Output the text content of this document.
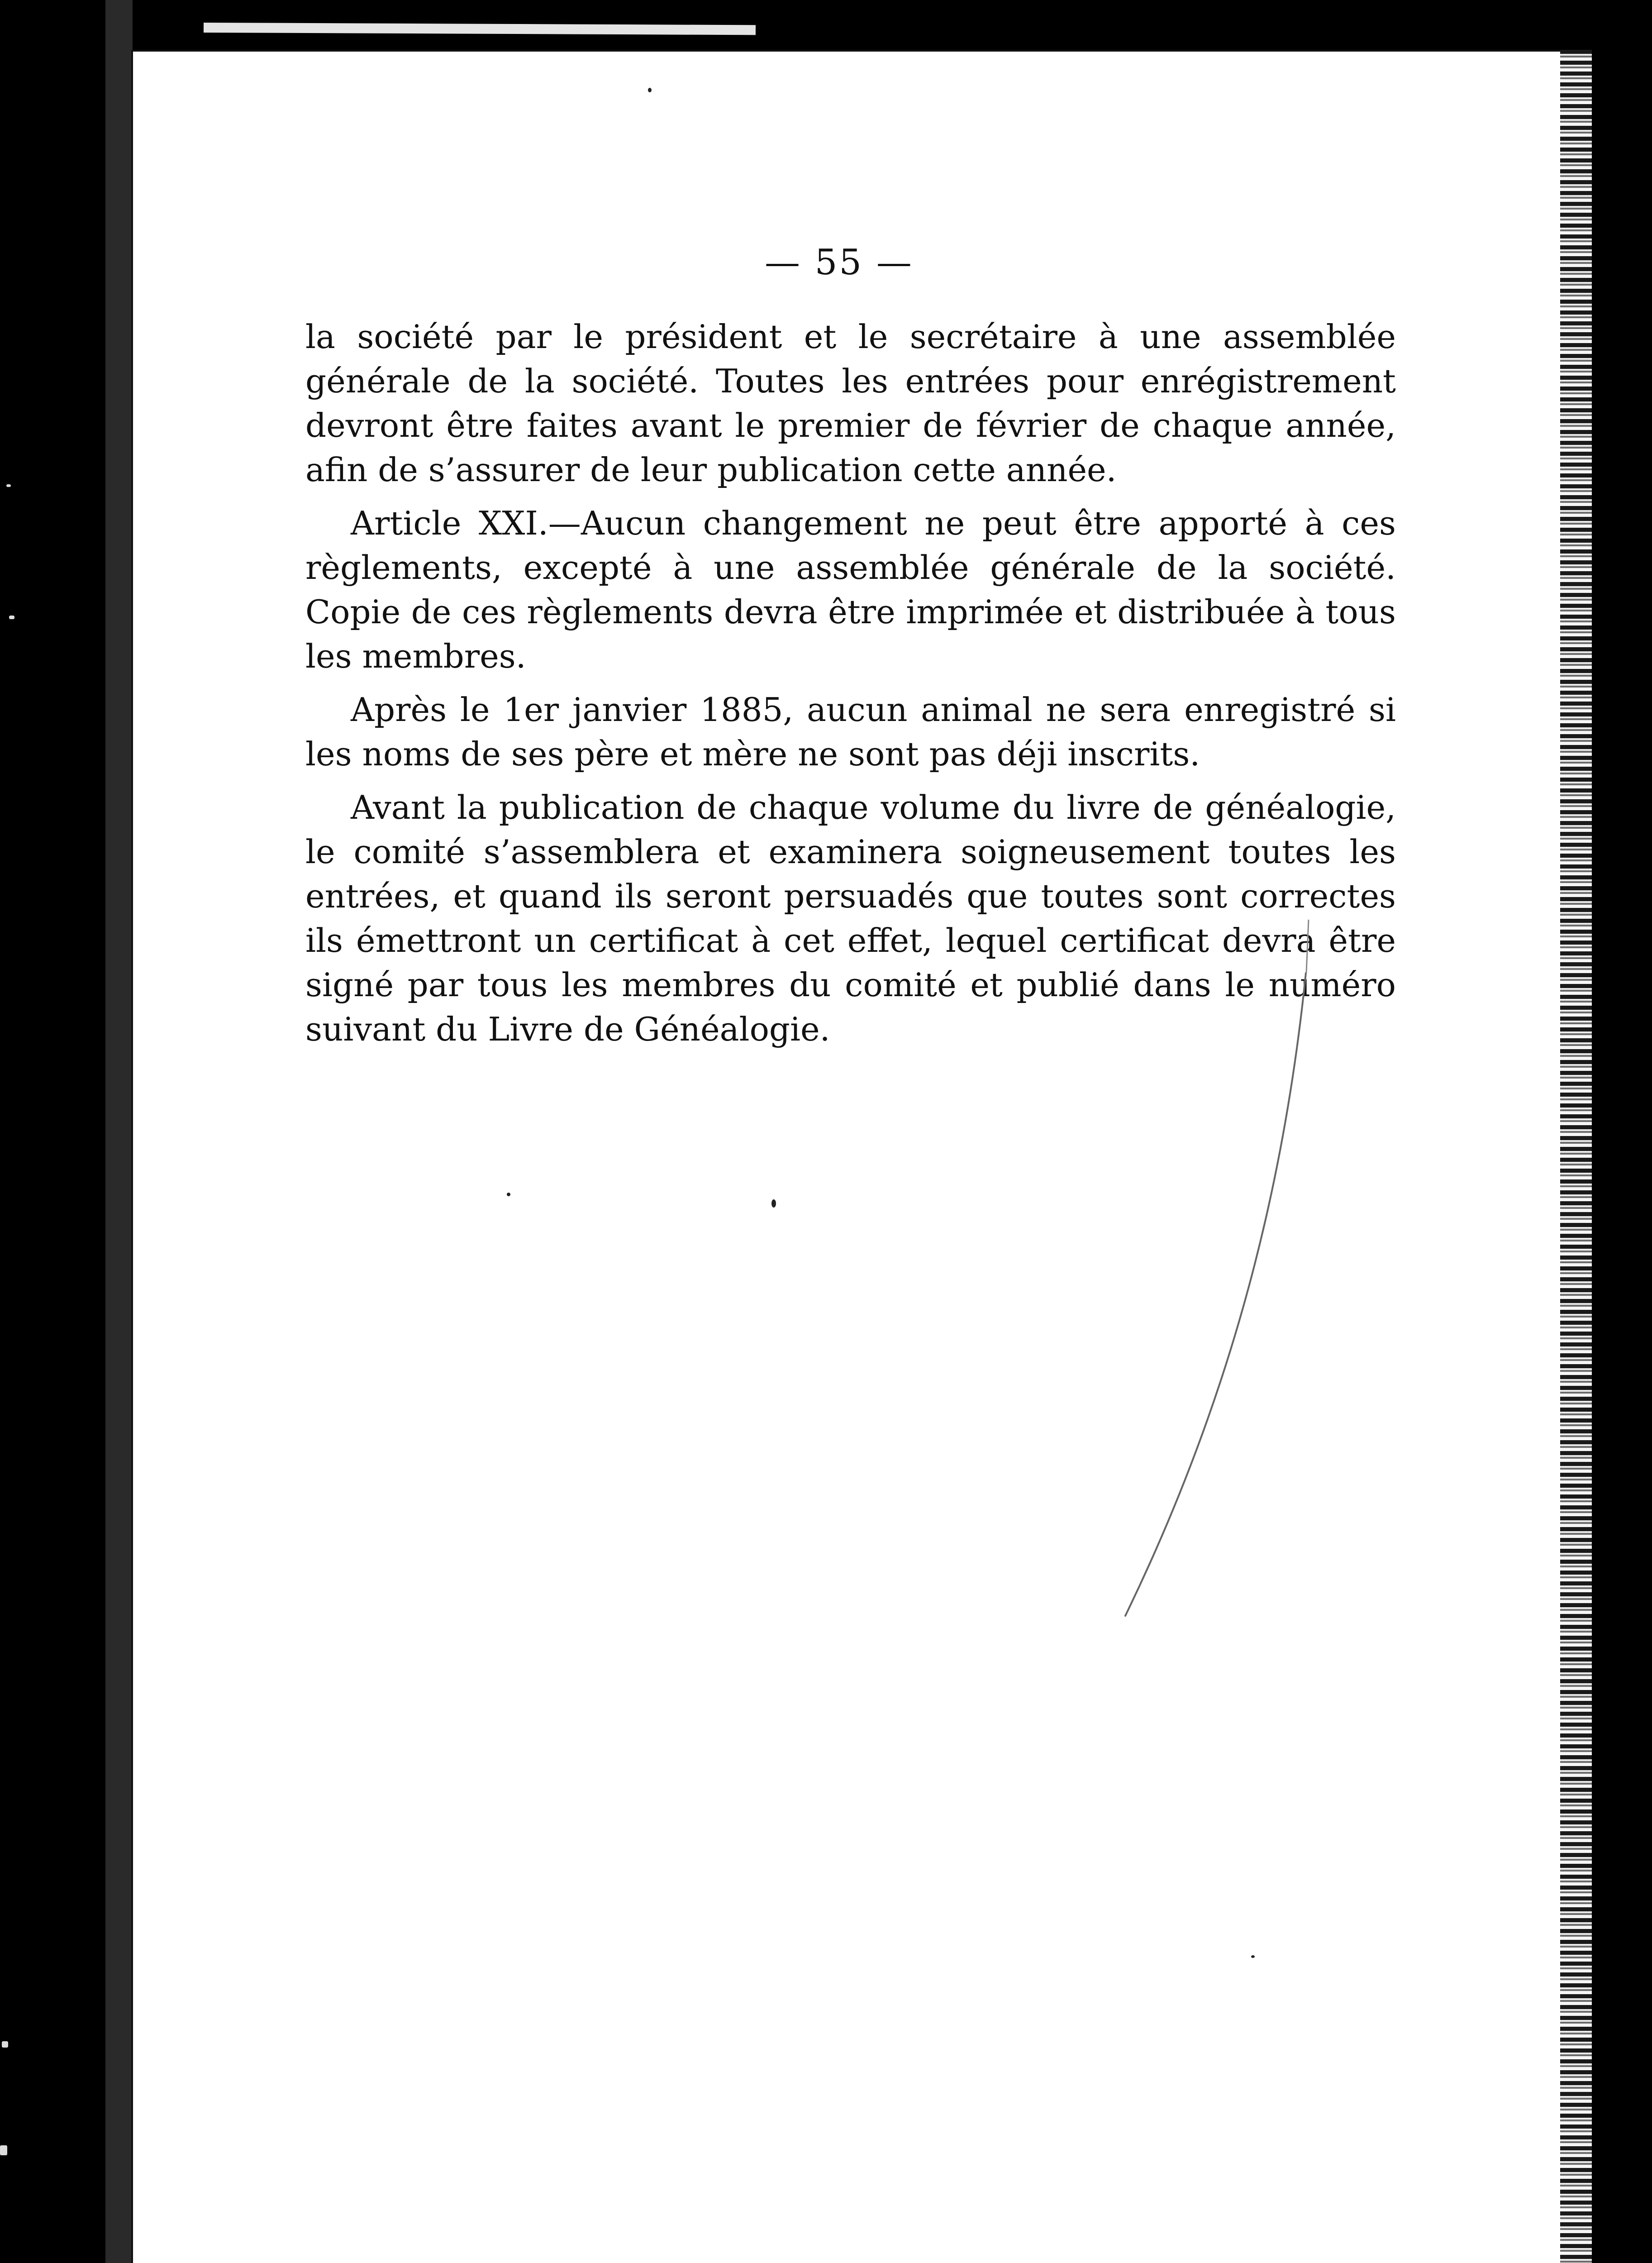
— 55 —

la société par le président et le secrétaire à une assemblée générale de la société. Toutes les entrées pour enrégistrement devront être faites avant le premier de février de chaque année, afin de s’assurer de leur publication cette année.

Article XXI.—Aucun changement ne peut être apporté à ces règlements, excepté à une assemblée générale de la société. Copie de ces règlements devra être imprimée et distribuée à tous les membres.

Après le 1er janvier 1885, aucun animal ne sera enregistré si les noms de ses père et mère ne sont pas déji inscrits.

Avant la publication de chaque volume du livre de généalogie, le comité s’assemblera et examinera soigneusement toutes les entrées, et quand ils seront persuadés que toutes sont correctes ils émettront un certificat à cet effet, lequel certificat devra être signé par tous les membres du comité et publié dans le numéro suivant du Livre de Généalogie.
